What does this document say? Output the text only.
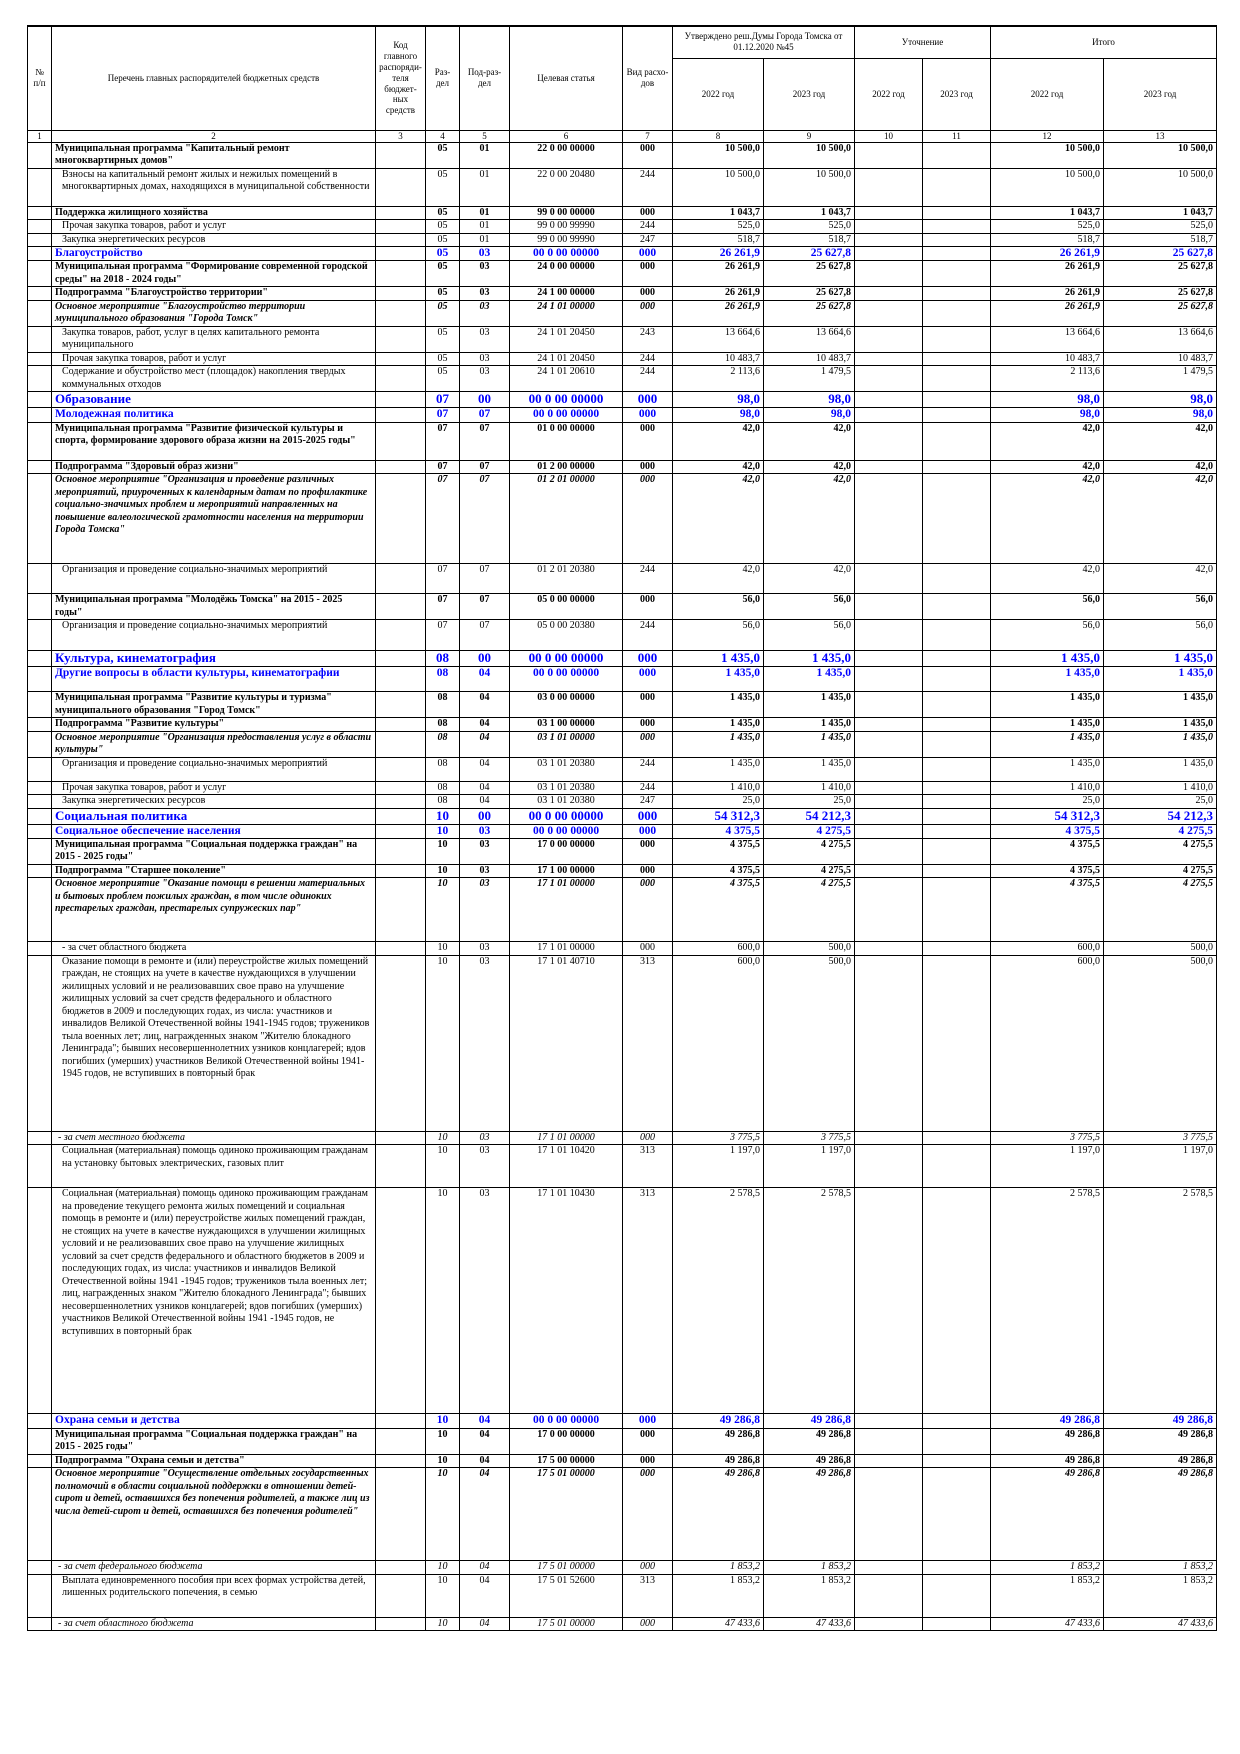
№ п/п	Перечень главных распорядителей бюджетных средств	Код главного распоряди-теля бюджет-ных средств	Раз-дел	Под-раз-дел	Целевая статья	Вид расхо-дов	Утверждено реш.Думы Города Томска от 01.12.2020 №45		Уточнение		Итого	
							2022 год	2023 год	2022 год	2023 год	2022 год	2023 год
1	2	3	4	5	6	7	8	9	10	11	12	13
	Муниципальная программа "Капитальный ремонт многоквартирных домов"		05	01	22 0 00 00000	000	10 500,0	10 500,0			10 500,0	10 500,0
	Взносы на капитальный ремонт жилых и нежилых помещений в многоквартирных домах, находящихся в муниципальной собственности		05	01	22 0 00 20480	244	10 500,0	10 500,0			10 500,0	10 500,0
	Поддержка жилищного хозяйства		05	01	99 0 00 00000	000	1 043,7	1 043,7			1 043,7	1 043,7
	Прочая закупка товаров, работ и услуг		05	01	99 0 00 99990	244	525,0	525,0			525,0	525,0
	Закупка энергетических ресурсов		05	01	99 0 00 99990	247	518,7	518,7			518,7	518,7
	Благоустройство		05	03	00 0 00 00000	000	26 261,9	25 627,8			26 261,9	25 627,8
	Муниципальная программа "Формирование современной городской среды" на 2018 - 2024 годы"		05	03	24 0 00 00000	000	26 261,9	25 627,8			26 261,9	25 627,8
	Подпрограмма "Благоустройство территории"		05	03	24 1 00 00000	000	26 261,9	25 627,8			26 261,9	25 627,8
	Основное мероприятие "Благоустройство территории муниципального образования "Города Томск"		05	03	24 1 01 00000	000	26 261,9	25 627,8			26 261,9	25 627,8
	Закупка товаров, работ, услуг в целях капитального ремонта муниципального		05	03	24 1 01 20450	243	13 664,6	13 664,6			13 664,6	13 664,6
	Прочая закупка товаров, работ и услуг		05	03	24 1 01 20450	244	10 483,7	10 483,7			10 483,7	10 483,7
	Содержание и обустройство мест (площадок) накопления твердых коммунальных отходов		05	03	24 1 01 20610	244	2 113,6	1 479,5			2 113,6	1 479,5
	Образование		07	00	00 0 00 00000	000	98,0	98,0			98,0	98,0
	Молодежная политика		07	07	00 0 00 00000	000	98,0	98,0			98,0	98,0
	Муниципальная программа "Развитие физической культуры и спорта, формирование здорового образа жизни на 2015-2025 годы"		07	07	01 0 00 00000	000	42,0	42,0			42,0	42,0
	Подпрограмма "Здоровый образ жизни"		07	07	01 2 00 00000	000	42,0	42,0			42,0	42,0
	Основное мероприятие "Организация и проведение различных мероприятий, приуроченных к календарным датам по профилактике социально-значимых проблем и мероприятий направленных на повышение валеологической грамотности населения на территории Города Томска"		07	07	01 2 01 00000	000	42,0	42,0			42,0	42,0
	Организация и проведение социально-значимых мероприятий		07	07	01 2 01 20380	244	42,0	42,0			42,0	42,0
	Муниципальная программа "Молодёжь Томска" на 2015 - 2025 годы"		07	07	05 0 00 00000	000	56,0	56,0			56,0	56,0
	Организация и проведение социально-значимых мероприятий		07	07	05 0 00 20380	244	56,0	56,0			56,0	56,0
	Культура, кинематография		08	00	00 0 00 00000	000	1 435,0	1 435,0			1 435,0	1 435,0
	Другие вопросы в области культуры, кинематографии		08	04	00 0 00 00000	000	1 435,0	1 435,0			1 435,0	1 435,0
	Муниципальная программа "Развитие культуры и туризма" муниципального образования "Город Томск"		08	04	03 0 00 00000	000	1 435,0	1 435,0			1 435,0	1 435,0
	Подпрограмма "Развитие культуры"		08	04	03 1 00 00000	000	1 435,0	1 435,0			1 435,0	1 435,0
	Основное мероприятие "Организация предоставления услуг в области культуры"		08	04	03 1 01 00000	000	1 435,0	1 435,0			1 435,0	1 435,0
	Организация и проведение социально-значимых мероприятий		08	04	03 1 01 20380	244	1 435,0	1 435,0			1 435,0	1 435,0
	Прочая закупка товаров, работ и услуг		08	04	03 1 01 20380	244	1 410,0	1 410,0			1 410,0	1 410,0
	Закупка энергетических ресурсов		08	04	03 1 01 20380	247	25,0	25,0			25,0	25,0
	Социальная политика		10	00	00 0 00 00000	000	54 312,3	54 212,3			54 312,3	54 212,3
	Социальное обеспечение населения		10	03	00 0 00 00000	000	4 375,5	4 275,5			4 375,5	4 275,5
	Муниципальная программа "Социальная поддержка граждан" на 2015 - 2025 годы"		10	03	17 0 00 00000	000	4 375,5	4 275,5			4 375,5	4 275,5
	Подпрограмма "Старшее поколение"		10	03	17 1 00 00000	000	4 375,5	4 275,5			4 375,5	4 275,5
	Основное мероприятие "Оказание помощи в решении материальных и бытовых проблем пожилых граждан, в том числе одиноких престарелых граждан, престарелых супружеских пар"		10	03	17 1 01 00000	000	4 375,5	4 275,5			4 375,5	4 275,5
	- за счет областного бюджета		10	03	17 1 01 00000	000	600,0	500,0			600,0	500,0
	Оказание помощи в ремонте и (или) переустройстве жилых помещений граждан, не стоящих на учете в качестве нуждающихся в улучшении жилищных условий и не реализовавших свое право на улучшение жилищных условий за счет средств федерального и областного бюджетов в 2009 и последующих годах, из числа: участников и инвалидов Великой Отечественной войны 1941-1945 годов; тружеников тыла военных лет; лиц, награжденных знаком "Жителю блокадного Ленинграда"; бывших несовершеннолетних узников концлагерей; вдов погибших (умерших) участников Великой Отечественной войны 1941-1945 годов, не вступивших в повторный брак		10	03	17 1 01 40710	313	600,0	500,0			600,0	500,0
	- за счет местного бюджета		10	03	17 1 01 00000	000	3 775,5	3 775,5			3 775,5	3 775,5
	Социальная (материальная) помощь одиноко проживающим гражданам на установку бытовых электрических, газовых плит		10	03	17 1 01 10420	313	1 197,0	1 197,0			1 197,0	1 197,0
	Социальная (материальная) помощь одиноко проживающим гражданам на проведение текущего ремонта жилых помещений и социальная помощь в ремонте и (или) переустройстве жилых помещений граждан, не стоящих на учете в качестве нуждающихся в улучшении жилищных условий и не реализовавших свое право на улучшение жилищных условий за счет средств федерального и областного бюджетов в 2009 и последующих годах, из числа: участников и инвалидов Великой Отечественной войны 1941 -1945 годов; тружеников тыла военных лет; лиц, награжденных знаком "Жителю блокадного Ленинграда"; бывших несовершеннолетних узников концлагерей; вдов погибших (умерших) участников Великой Отечественной войны 1941 -1945 годов, не вступивших в повторный брак		10	03	17 1 01 10430	313	2 578,5	2 578,5			2 578,5	2 578,5
	Охрана семьи и детства		10	04	00 0 00 00000	000	49 286,8	49 286,8			49 286,8	49 286,8
	Муниципальная программа "Социальная поддержка граждан" на 2015 - 2025 годы"		10	04	17 0 00 00000	000	49 286,8	49 286,8			49 286,8	49 286,8
	Подпрограмма "Охрана семьи и детства"		10	04	17 5 00 00000	000	49 286,8	49 286,8			49 286,8	49 286,8
	Основное мероприятие "Осуществление отдельных государственных полномочий в области социальной поддержки в отношении детей-сирот и детей, оставшихся без попечения родителей, а также лиц из числа детей-сирот и детей, оставшихся без попечения родителей"		10	04	17 5 01 00000	000	49 286,8	49 286,8			49 286,8	49 286,8
	- за счет федерального бюджета		10	04	17 5 01 00000	000	1 853,2	1 853,2			1 853,2	1 853,2
	Выплата единовременного пособия при всех формах устройства детей, лишенных родительского попечения, в семью		10	04	17 5 01 52600	313	1 853,2	1 853,2			1 853,2	1 853,2
	- за счет областного бюджета		10	04	17 5 01 00000	000	47 433,6	47 433,6			47 433,6	47 433,6
